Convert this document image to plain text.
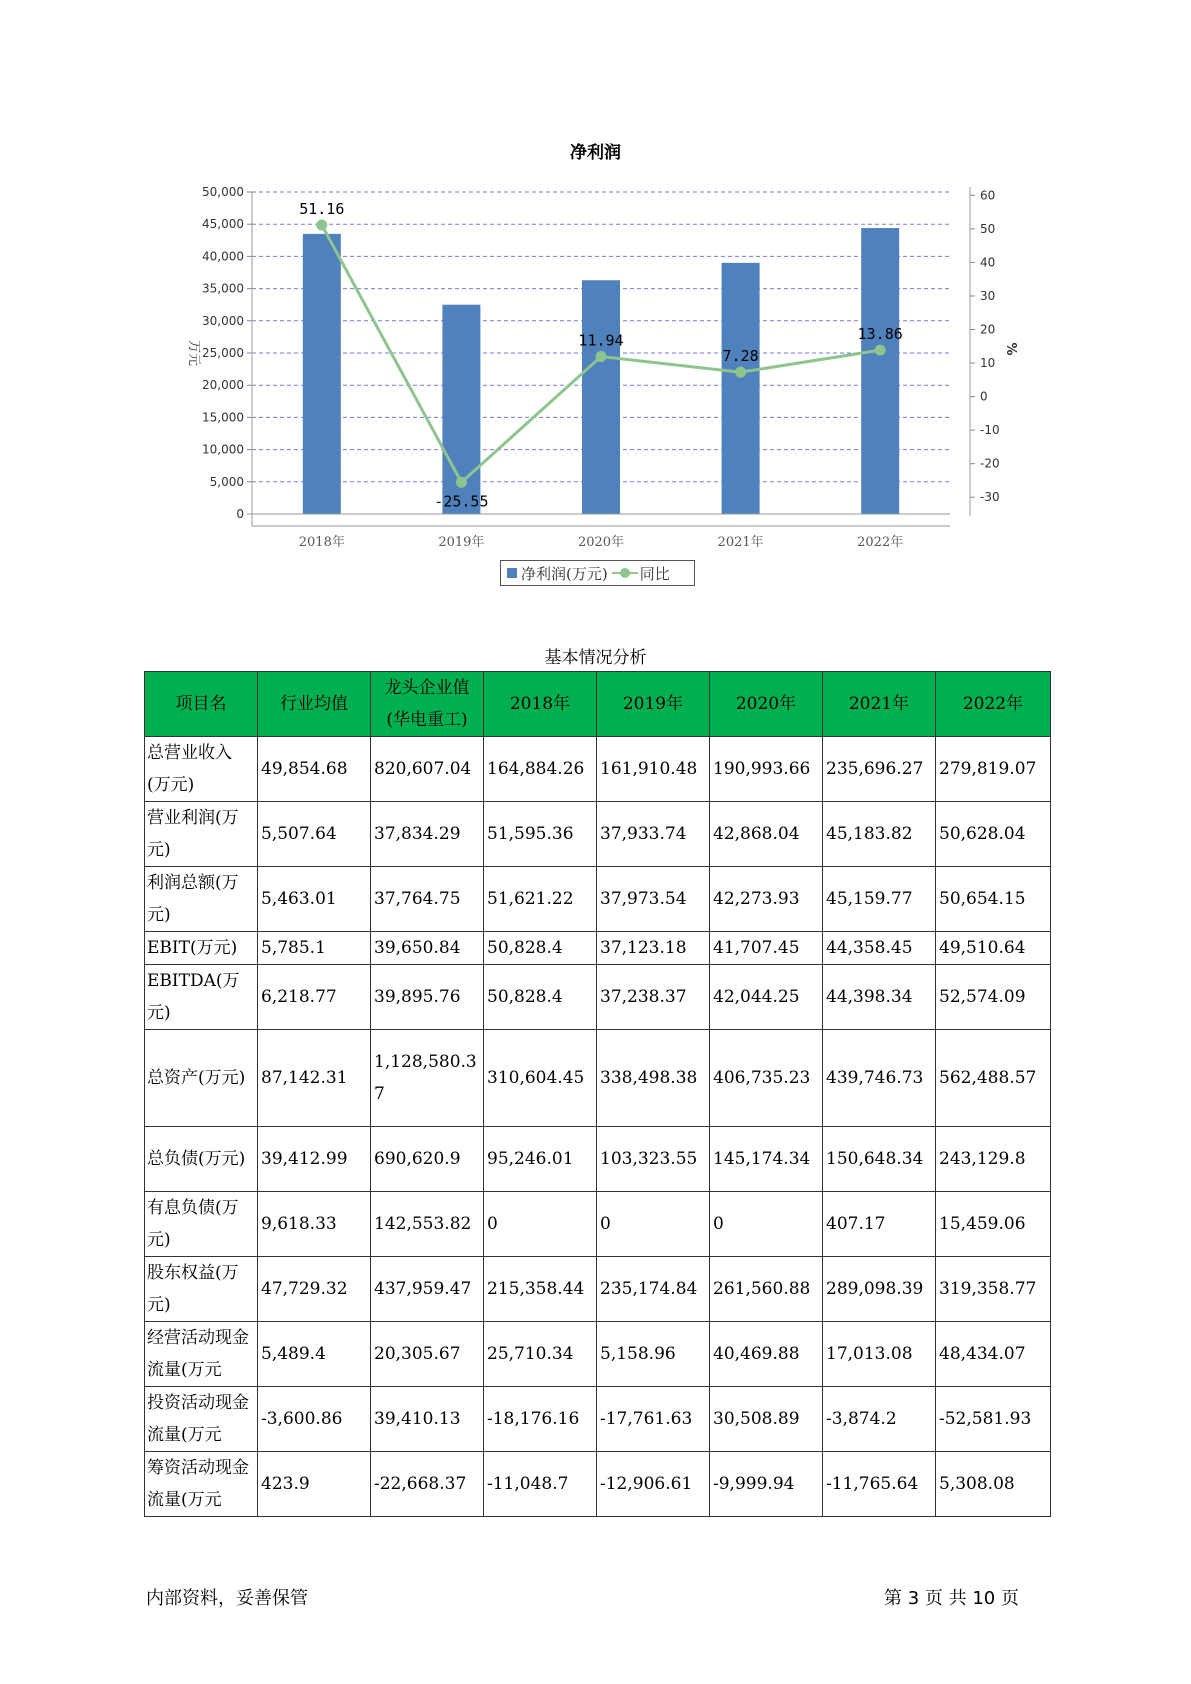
净利润
0
5,000
10,000
15,000
20,000
25,000
30,000
35,000
40,000
45,000
50,000
-30
-20
-10
0
10
20
30
40
50
60
万元	%
2018年	2019年	2020年	2021年	2022年
51.16
-25.55
11.94
7.28
13.86
净利润(万元) 同比
基本情况分析
项目名	行业均值	龙头企业值(华电重工)	2018年	2019年	2020年	2021年	2022年
总营业收入(万元)	49,854.68	820,607.04	164,884.26	161,910.48	190,993.66	235,696.27	279,819.07
营业利润(万元)	5,507.64	37,834.29	51,595.36	37,933.74	42,868.04	45,183.82	50,628.04
利润总额(万元)	5,463.01	37,764.75	51,621.22	37,973.54	42,273.93	45,159.77	50,654.15
EBIT(万元)	5,785.1	39,650.84	50,828.4	37,123.18	41,707.45	44,358.45	49,510.64
EBITDA(万元)	6,218.77	39,895.76	50,828.4	37,238.37	42,044.25	44,398.34	52,574.09
总资产(万元)	87,142.31	1,128,580.37	310,604.45	338,498.38	406,735.23	439,746.73	562,488.57
总负债(万元)	39,412.99	690,620.9	95,246.01	103,323.55	145,174.34	150,648.34	243,129.8
有息负债(万元)	9,618.33	142,553.82	0	0	0	407.17	15,459.06
股东权益(万元)	47,729.32	437,959.47	215,358.44	235,174.84	261,560.88	289,098.39	319,358.77
经营活动现金流量(万元	5,489.4	20,305.67	25,710.34	5,158.96	40,469.88	17,013.08	48,434.07
投资活动现金流量(万元	-3,600.86	39,410.13	-18,176.16	-17,761.63	30,508.89	-3,874.2	-52,581.93
筹资活动现金流量(万元	423.9	-22,668.37	-11,048.7	-12,906.61	-9,999.94	-11,765.64	5,308.08
内部资料，妥善保管	第 3 页 共 10 页
